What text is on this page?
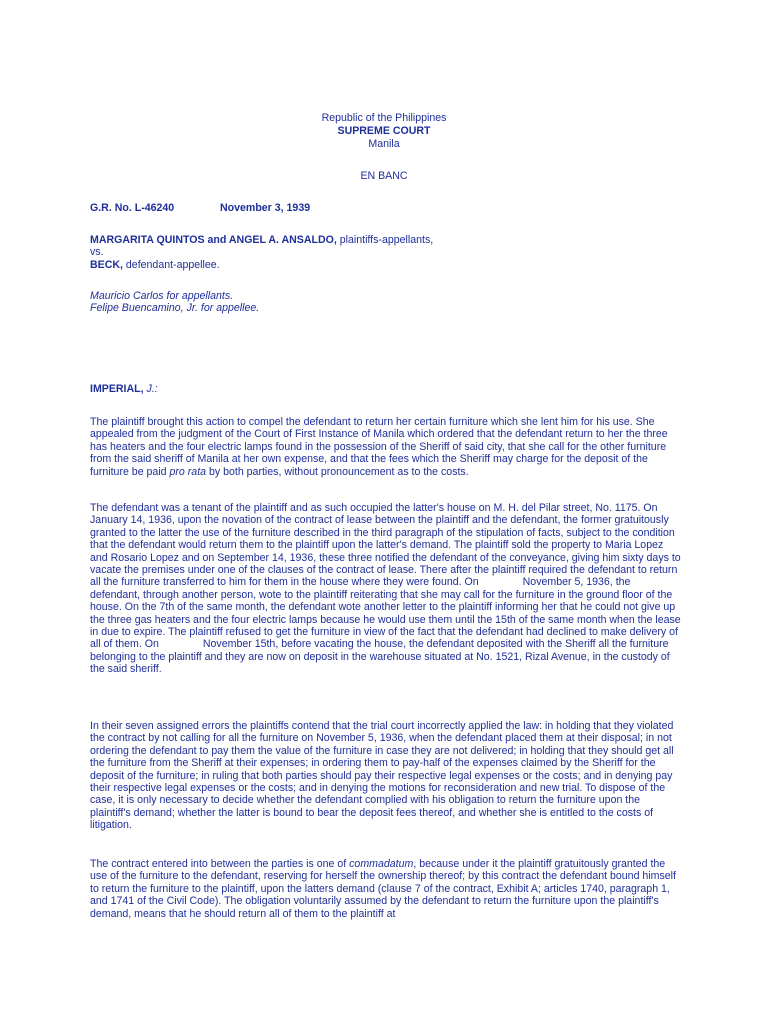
Republic of the Philippines
SUPREME COURT
Manila
EN BANC
G.R. No. L-46240	November 3, 1939
MARGARITA QUINTOS and ANGEL A. ANSALDO, plaintiffs-appellants,
vs.
BECK, defendant-appellee.
Mauricio Carlos for appellants.
Felipe Buencamino, Jr. for appellee.
IMPERIAL, J.:

The plaintiff brought this action to compel the defendant to return her certain furniture which she lent him for his use. She appealed from the judgment of the Court of First Instance of Manila which ordered that the defendant return to her the three has heaters and the four electric lamps found in the possession of the Sheriff of said city, that she call for the other furniture from the said sheriff of Manila at her own expense, and that the fees which the Sheriff may charge for the deposit of the furniture be paid pro rata by both parties, without pronouncement as to the costs.

The defendant was a tenant of the plaintiff and as such occupied the latter's house on M. H. del Pilar street, No. 1175. On January 14, 1936, upon the novation of the contract of lease between the plaintiff and the defendant, the former gratuitously granted to the latter the use of the furniture described in the third paragraph of the stipulation of facts, subject to the condition that the defendant would return them to the plaintiff upon the latter's demand. The plaintiff sold the property to Maria Lopez and Rosario Lopez and on September 14, 1936, these three notified the defendant of the conveyance, giving him sixty days to vacate the premises under one of the clauses of the contract of lease. There after the plaintiff required the defendant to return all the furniture transferred to him for them in the house where they were found. On	November 5, 1936, the defendant, through another person, wote to the plaintiff reiterating that she may call for the furniture in the ground floor of the house. On the 7th of the same month, the defendant wote another letter to the plaintiff informing her that he could not give up the three gas heaters and the four electric lamps because he would use them until the 15th of the same month when the lease in due to expire. The plaintiff refused to get the furniture in view of the fact that the defendant had declined to make delivery of all of them. On	November 15th, before vacating the house, the defendant deposited with the Sheriff all the furniture belonging to the plaintiff and they are now on deposit in the warehouse situated at No. 1521, Rizal Avenue, in the custody of the said sheriff.

In their seven assigned errors the plaintiffs contend that the trial court incorrectly applied the law: in holding that they violated the contract by not calling for all the furniture on November 5, 1936, when the defendant placed them at their disposal; in not ordering the defendant to pay them the value of the furniture in case they are not delivered; in holding that they should get all the furniture from the Sheriff at their expenses; in ordering them to pay-half of the expenses claimed by the Sheriff for the deposit of the furniture; in ruling that both parties should pay their respective legal expenses or the costs; and in denying pay their respective legal expenses or the costs; and in denying the motions for reconsideration and new trial. To dispose of the case, it is only necessary to decide whether the defendant complied with his obligation to return the furniture upon the plaintiff's demand; whether the latter is bound to bear the deposit fees thereof, and whether she is entitled to the costs of litigation.

The contract entered into between the parties is one of commadatum, because under it the plaintiff gratuitously granted the use of the furniture to the defendant, reserving for herself the ownership thereof; by this contract the defendant bound himself to return the furniture to the plaintiff, upon the latters demand (clause 7 of the contract, Exhibit A; articles 1740, paragraph 1, and 1741 of the Civil Code). The obligation voluntarily assumed by the defendant to return the furniture upon the plaintiff's demand, means that he should return all of them to the plaintiff at
